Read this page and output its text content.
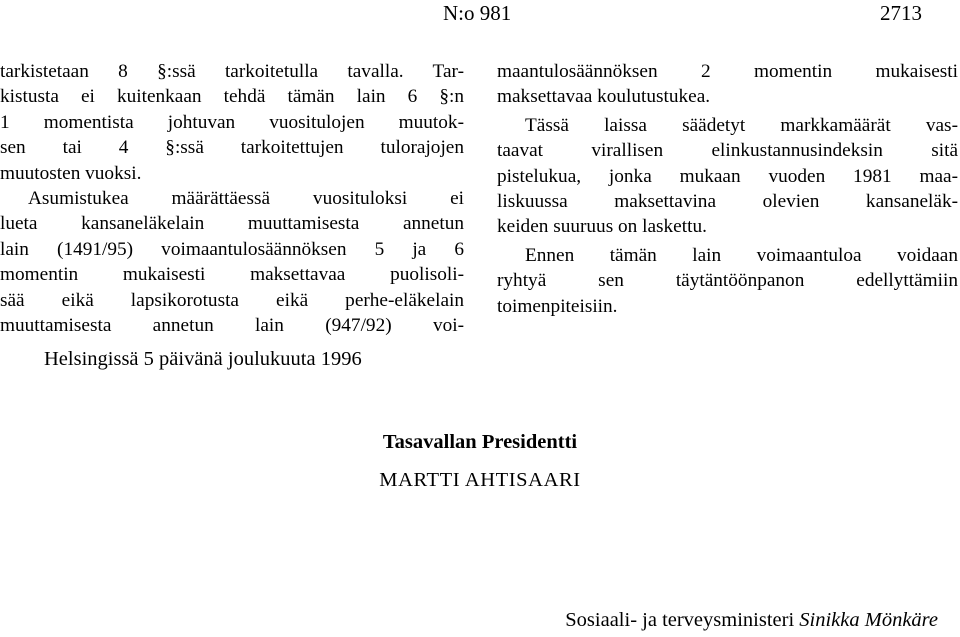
N:o 981	2713
tarkistetaan 8 §:ssä tarkoitetulla tavalla. Tar-
kistusta ei kuitenkaan tehdä tämän lain 6 §:n
1 momentista johtuvan vuositulojen muutok-
sen tai 4 §:ssä tarkoitettujen tulorajojen
muutosten vuoksi.
Asumistukea määrättäessä vuosituloksi ei
lueta kansaneläkelain muuttamisesta annetun
lain (1491/95) voimaantulosäännöksen 5 ja 6
momentin mukaisesti maksettavaa puolisoli-
sää eikä lapsikorotusta eikä perhe-eläkelain
muuttamisesta annetun lain (947/92) voi-
maantulosäännöksen 2 momentin mukaisesti
maksettavaa koulutustukea.
Tässä laissa säädetyt markkamäärät vas-
taavat virallisen elinkustannusindeksin sitä
pistelukua, jonka mukaan vuoden 1981 maa-
liskuussa maksettavina olevien kansaneläk-
keiden suuruus on laskettu.
Ennen tämän lain voimaantuloa voidaan
ryhtyä sen täytäntöönpanon edellyttämiin
toimenpiteisiin.
Helsingissä 5 päivänä joulukuuta 1996
Tasavallan Presidentti
MARTTI AHTISAARI
Sosiaali- ja terveysministeri Sinikka Mönkäre
